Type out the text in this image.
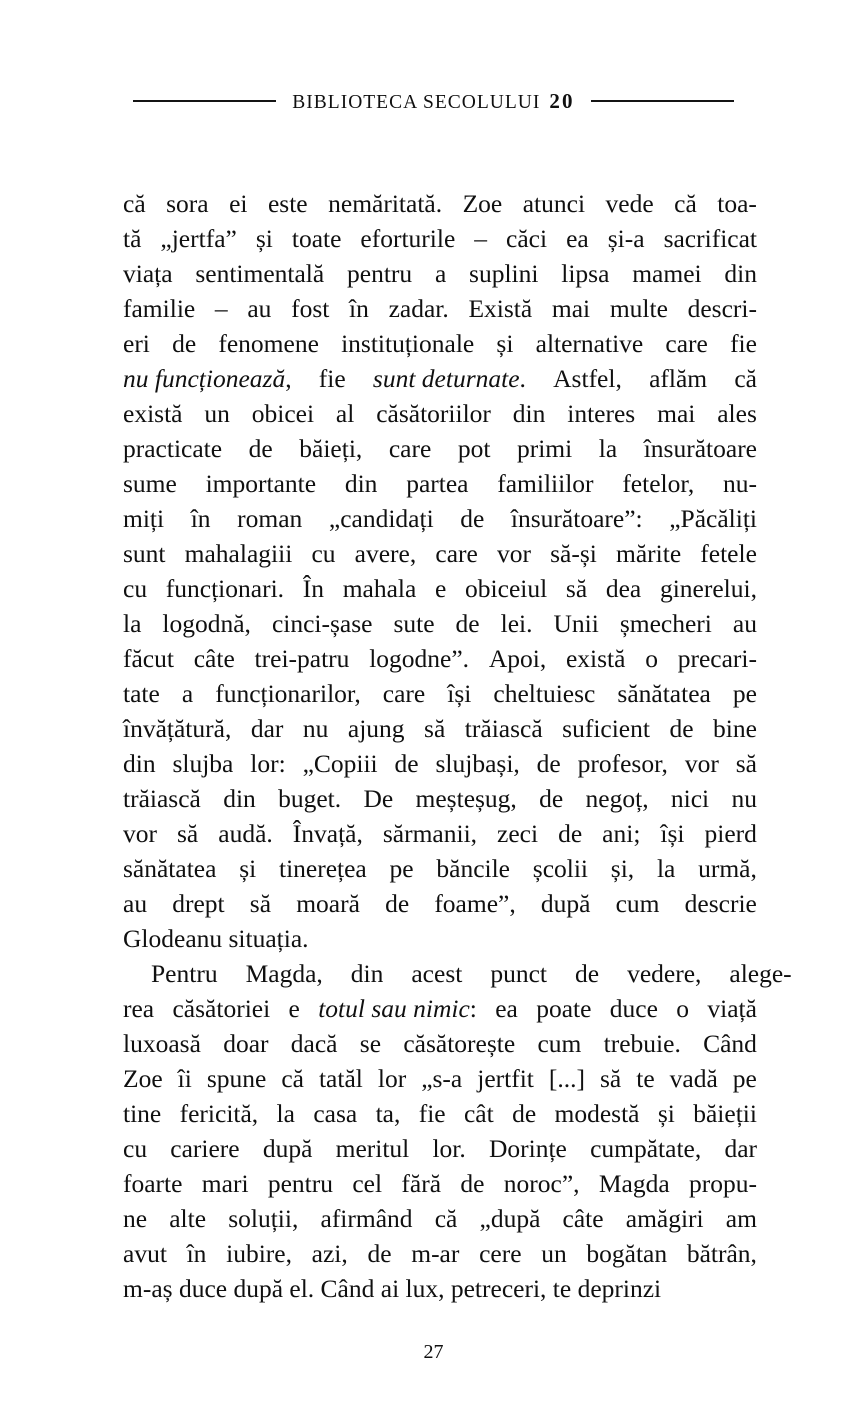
BIBLIOTECA SECOLULUI 20
că sora ei este nemăritată. Zoe atunci vede că toa-
tă „jertfa” și toate eforturile – căci ea și-a sacrificat
viața sentimentală pentru a suplini lipsa mamei din
familie – au fost în zadar. Există mai multe descri-
eri de fenomene instituționale și alternative care fie
nu funcționează, fie sunt deturnate. Astfel, aflăm că
există un obicei al căsătoriilor din interes mai ales
practicate de băieți, care pot primi la însurătoare
sume importante din partea familiilor fetelor, nu-
miți în roman „candidați de însurătoare”: „Păcăliți
sunt mahalagiii cu avere, care vor să-și mărite fetele
cu funcționari. În mahala e obiceiul să dea ginerelui,
la logodnă, cinci-șase sute de lei. Unii șmecheri au
făcut câte trei-patru logodne”. Apoi, există o precari-
tate a funcționarilor, care își cheltuiesc sănătatea pe
învățătură, dar nu ajung să trăiască suficient de bine
din slujba lor: „Copiii de slujbași, de profesor, vor să
trăiască din buget. De meșteșug, de negoț, nici nu
vor să audă. Învață, sărmanii, zeci de ani; își pierd
sănătatea și tinerețea pe băncile școlii și, la urmă,
au drept să moară de foame”, după cum descrie
Glodeanu situația.
Pentru	Magda,	din	acest	punct	de	vedere,	alege-
rea căsătoriei e totul sau nimic: ea poate duce o viață
luxoasă doar dacă se căsătorește cum trebuie. Când
Zoe îi spune că tatăl lor „s-a jertfit [...] să te vadă pe
tine fericită, la casa ta, fie cât de modestă și băieții
cu cariere după meritul lor. Dorințe cumpătate, dar
foarte mari pentru cel fără de noroc”, Magda propu-
ne alte soluții, afirmând că „după câte amăgiri am
avut în iubire, azi, de m-ar cere un bogătan bătrân,
m-aș duce după el. Când ai lux, petreceri, te deprinzi
27
